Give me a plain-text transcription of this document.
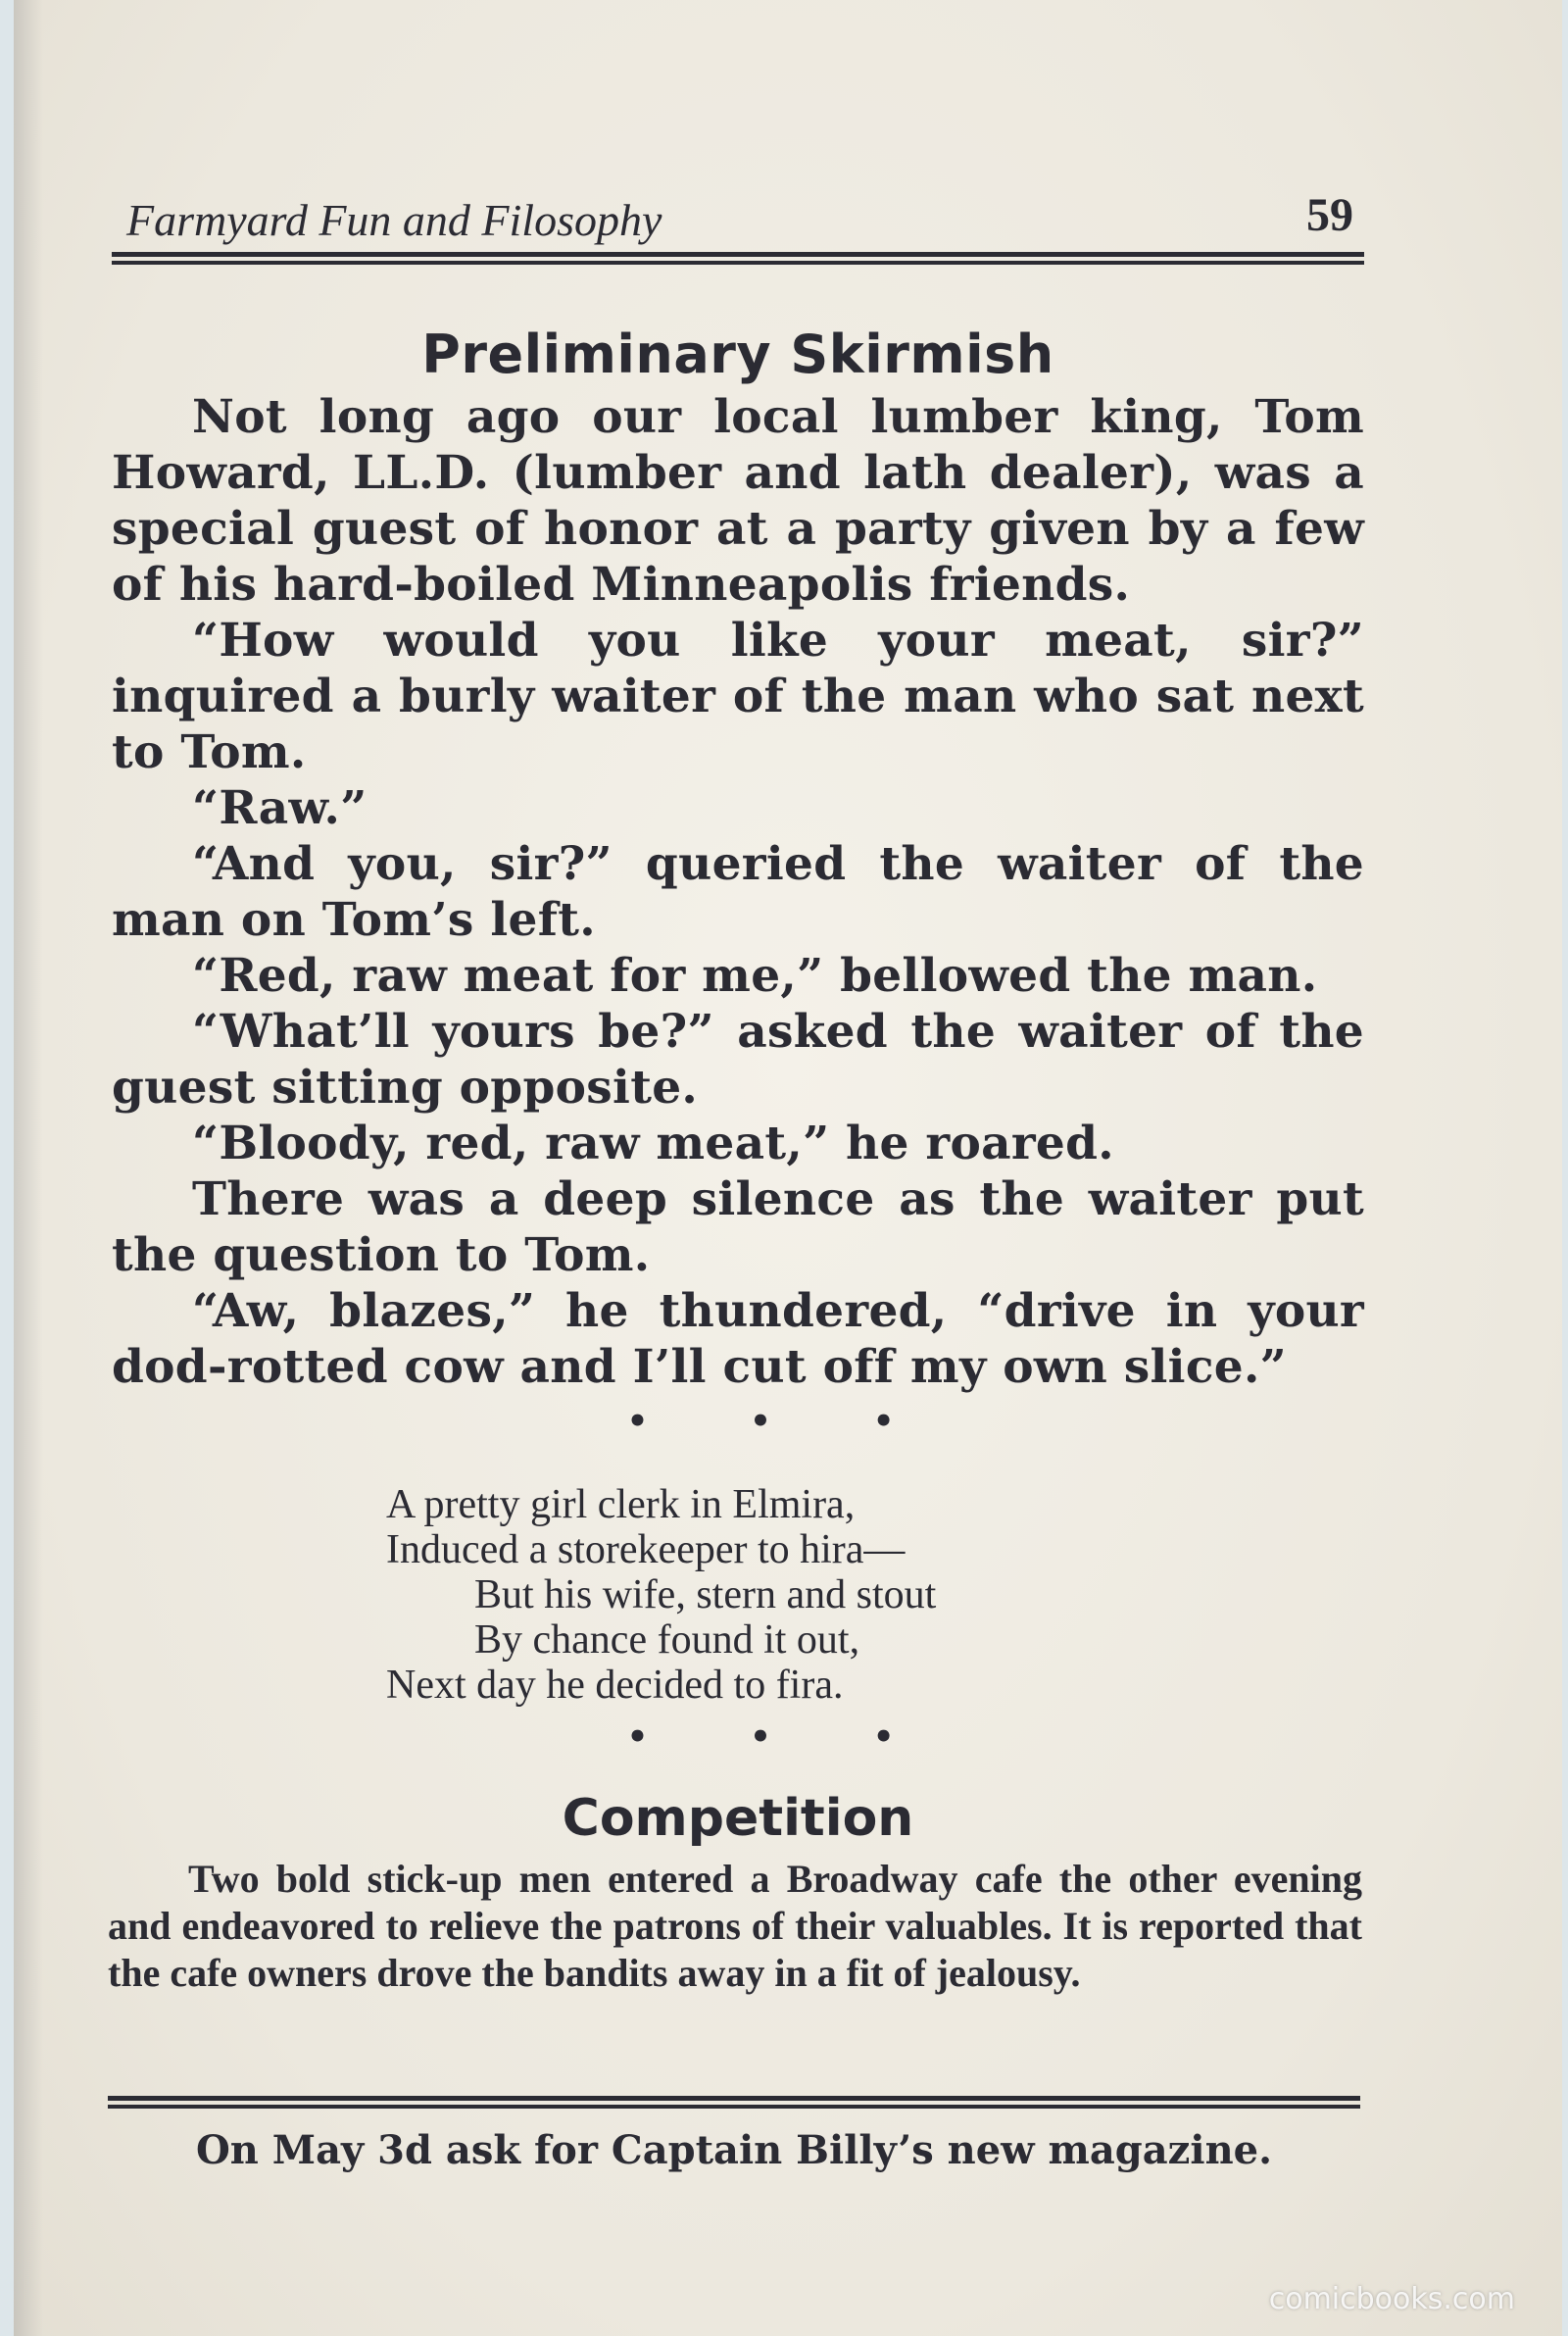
Farmyard Fun and Filosophy	59
Preliminary Skirmish

Not long ago our local lumber king, Tom Howard, LL.D. (lumber and lath dealer), was a special guest of honor at a party given by a few of his hard-boiled Minneapolis friends.

“How would you like your meat, sir?” inquired a burly waiter of the man who sat next to Tom.

“Raw.”

“And you, sir?” queried the waiter of the man on Tom’s left.

“Red, raw meat for me,” bellowed the man.

“What’ll yours be?” asked the waiter of the guest sitting opposite.

“Bloody, red, raw meat,” he roared.

There was a deep silence as the waiter put the question to Tom.

“Aw, blazes,” he thundered, “drive in your dod-rotted cow and I’ll cut off my own slice.”

• • •
A pretty girl clerk in Elmira,
Induced a storekeeper to hira—
But his wife, stern and stout
By chance found it out,
Next day he decided to fira.
• • •
Competition

Two bold stick-up men entered a Broadway cafe the other evening and endeavored to relieve the patrons of their valuables. It is reported that the cafe owners drove the bandits away in a fit of jealousy.

On May 3d ask for Captain Billy’s new magazine.
comicbooks.com
